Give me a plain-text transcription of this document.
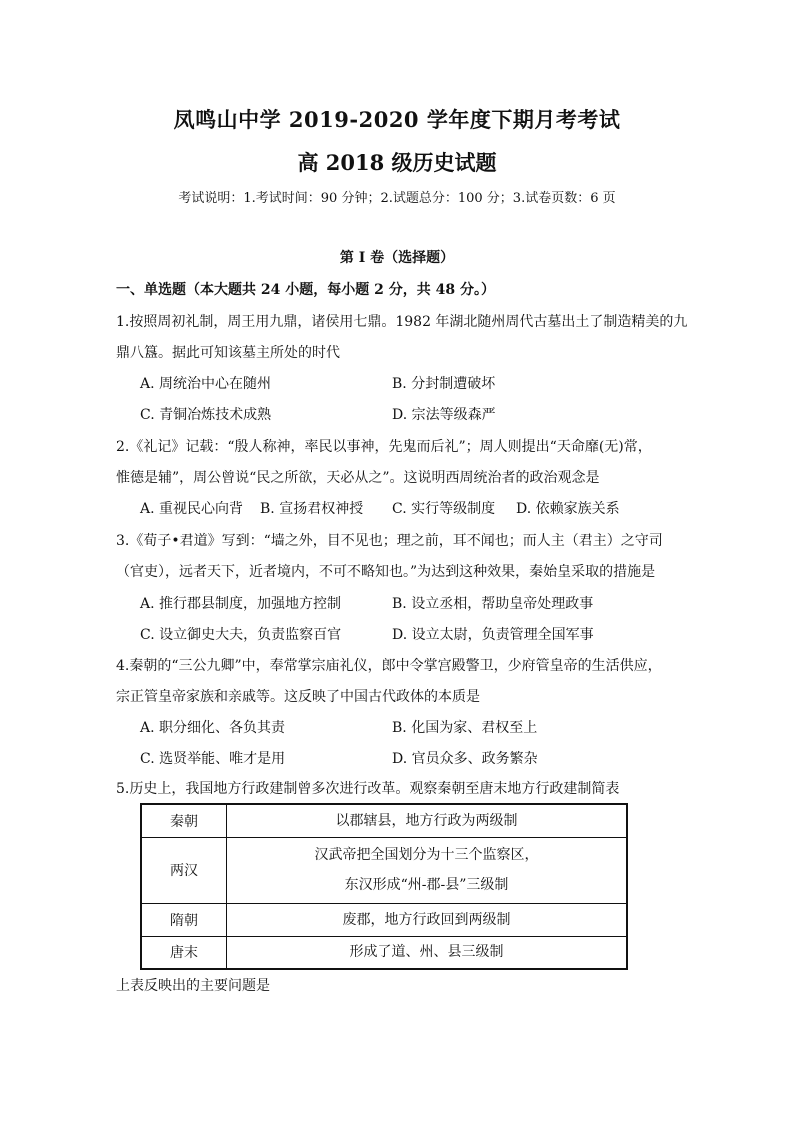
凤鸣山中学 2019-2020 学年度下期月考考试
高 2018 级历史试题
考试说明：1.考试时间：90 分钟；2.试题总分：100 分；3.试卷页数：6 页
第 I 卷（选择题）
一、单选题（本大题共 24 小题，每小题 2 分，共 48 分。）
1.按照周初礼制，周王用九鼎，诸侯用七鼎。1982 年湖北随州周代古墓出土了制造精美的九
鼎八簋。据此可知该墓主所处的时代
A. 周统治中心在随州	B. 分封制遭破坏
C. 青铜冶炼技术成熟	D. 宗法等级森严
2.《礼记》记载：“殷人称神，率民以事神，先鬼而后礼”；周人则提出“天命靡(无)常，
惟德是辅”，周公曾说“民之所欲，天必从之”。这说明西周统治者的政治观念是
A. 重视民心向背 B. 宣扬君权神授 C. 实行等级制度 D. 依赖家族关系
3.《荀子•君道》写到：“墙之外，目不见也；理之前，耳不闻也；而人主（君主）之守司
（官吏），远者天下，近者境内，不可不略知也。”为达到这种效果，秦始皇采取的措施是
A. 推行郡县制度，加强地方控制	B. 设立丞相，帮助皇帝处理政事
C. 设立御史大夫，负责监察百官	D. 设立太尉，负责管理全国军事
4.秦朝的“三公九卿”中，奉常掌宗庙礼仪，郎中令掌宫殿警卫，少府管皇帝的生活供应，
宗正管皇帝家族和亲戚等。这反映了中国古代政体的本质是
A. 职分细化、各负其责	B. 化国为家、君权至上
C. 选贤举能、唯才是用	D. 官员众多、政务繁杂
5.历史上，我国地方行政建制曾多次进行改革。观察秦朝至唐末地方行政建制简表
秦朝	以郡辖县，地方行政为两级制

两汉	汉武帝把全国划分为十三个监察区，
东汉形成“州-郡-县”三级制

隋朝	废郡，地方行政回到两级制

唐末	形成了道、州、县三级制
上表反映出的主要问题是
